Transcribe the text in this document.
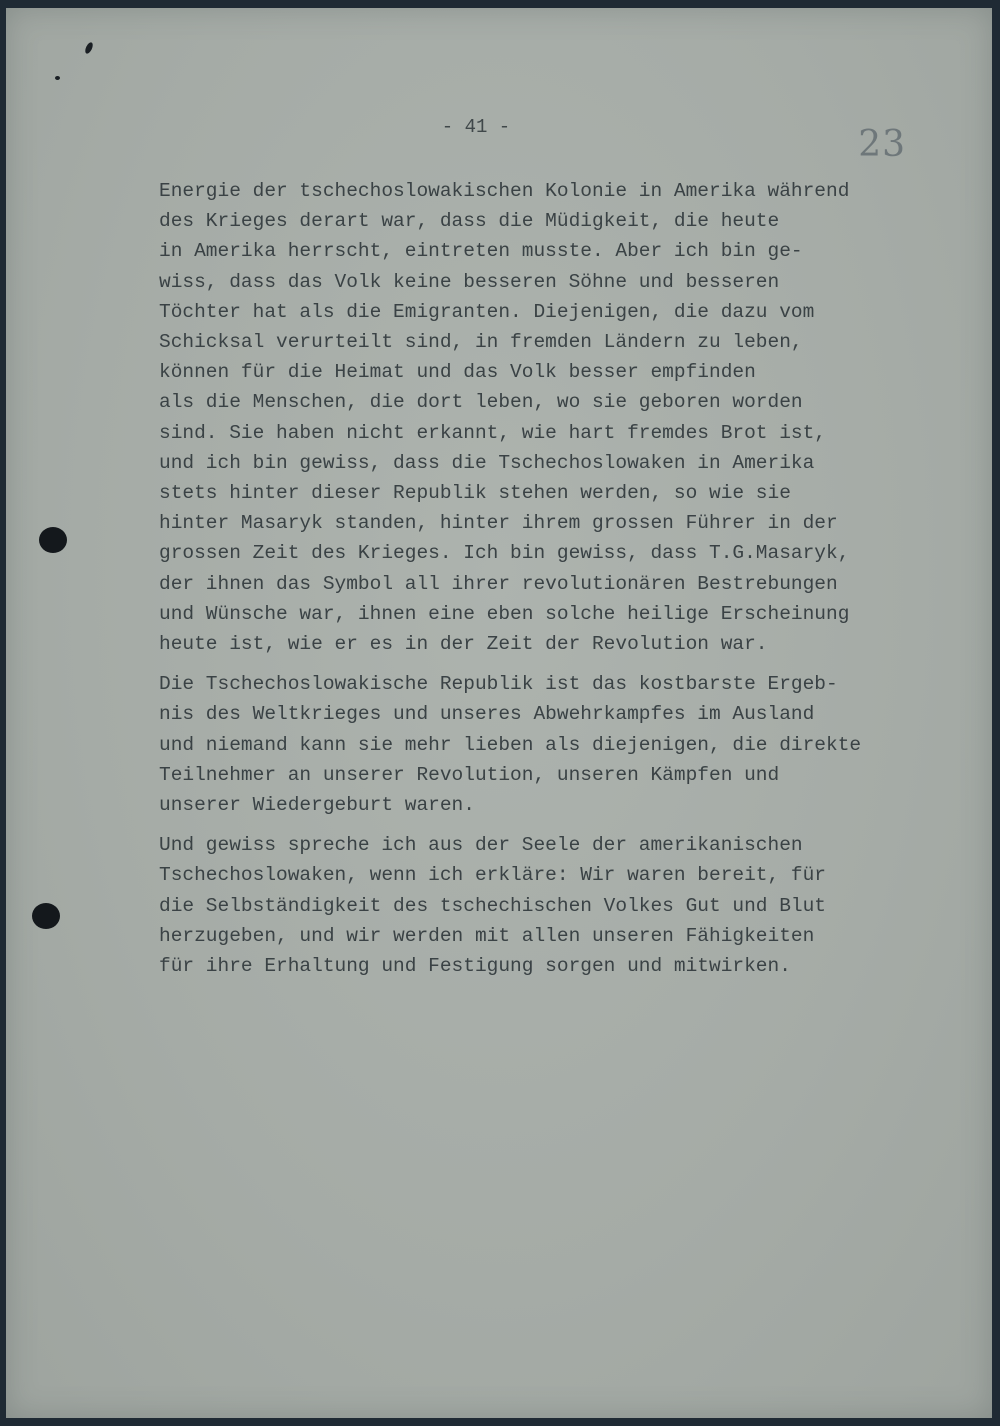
- 41 -	23

Energie der tschechoslowakischen Kolonie in Amerika während
des Krieges derart war, dass die Müdigkeit, die heute
in Amerika herrscht, eintreten musste. Aber ich bin ge-
wiss, dass das Volk keine besseren Söhne und besseren
Töchter hat als die Emigranten. Diejenigen, die dazu vom
Schicksal verurteilt sind, in fremden Ländern zu leben,
können für die Heimat und das Volk besser empfinden
als die Menschen, die dort leben, wo sie geboren worden
sind. Sie haben nicht erkannt, wie hart fremdes Brot ist,
und ich bin gewiss, dass die Tschechoslowaken in Amerika
stets hinter dieser Republik stehen werden, so wie sie
hinter Masaryk standen, hinter ihrem grossen Führer in der
grossen Zeit des Krieges. Ich bin gewiss, dass T.G.Masaryk,
der ihnen das Symbol all ihrer revolutionären Bestrebungen
und Wünsche war, ihnen eine eben solche heilige Erscheinung
heute ist, wie er es in der Zeit der Revolution war.

Die Tschechoslowakische Republik ist das kostbarste Ergeb-
nis des Weltkrieges und unseres Abwehrkampfes im Ausland
und niemand kann sie mehr lieben als diejenigen, die direkte
Teilnehmer an unserer Revolution, unseren Kämpfen und
unserer Wiedergeburt waren.

Und gewiss spreche ich aus der Seele der amerikanischen
Tschechoslowaken, wenn ich erkläre: Wir waren bereit, für
die Selbständigkeit des tschechischen Volkes Gut und Blut
herzugeben, und wir werden mit allen unseren Fähigkeiten
für ihre Erhaltung und Festigung sorgen und mitwirken.
